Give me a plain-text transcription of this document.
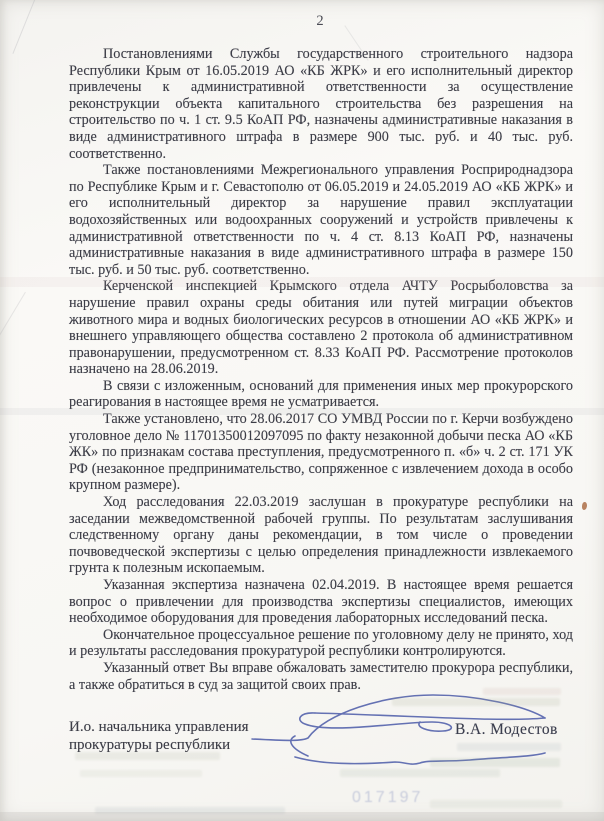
2

Постановлениями Службы государственного строительного надзора Республики Крым от 16.05.2019 АО «КБ ЖРК» и его исполнительный директор привлечены к административной ответственности за осуществление реконструкции объекта капитального строительства без разрешения на строительство по ч. 1 ст. 9.5 КоАП РФ, назначены административные наказания в виде административного штрафа в размере 900 тыс. руб. и 40 тыс. руб. соответственно.

Также постановлениями Межрегионального управления Росприроднадзора по Республике Крым и г. Севастополю от 06.05.2019 и 24.05.2019 АО «КБ ЖРК» и его исполнительный директор за нарушение правил эксплуатации водохозяйственных или водоохранных сооружений и устройств привлечены к административной ответственности по ч. 4 ст. 8.13 КоАП РФ, назначены административные наказания в виде административного штрафа в размере 150 тыс. руб. и 50 тыс. руб. соответственно.

Керченской инспекцией Крымского отдела АЧТУ Росрыболовства за нарушение правил охраны среды обитания или путей миграции объектов животного мира и водных биологических ресурсов в отношении АО «КБ ЖРК» и внешнего управляющего общества составлено 2 протокола об административном правонарушении, предусмотренном ст. 8.33 КоАП РФ. Рассмотрение протоколов назначено на 28.06.2019.

В связи с изложенным, оснований для применения иных мер прокурорского реагирования в настоящее время не усматривается.

Также установлено, что 28.06.2017 СО УМВД России по г. Керчи возбуждено уголовное дело № 11701350012097095 по факту незаконной добычи песка АО «КБ ЖК» по признакам состава преступления, предусмотренного п. «б» ч. 2 ст. 171 УК РФ (незаконное предпринимательство, сопряженное с извлечением дохода в особо крупном размере).

Ход расследования 22.03.2019 заслушан в прокуратуре республики на заседании межведомственной рабочей группы. По результатам заслушивания следственному органу даны рекомендации, в том числе о проведении почвоведческой экспертизы с целью определения принадлежности извлекаемого грунта к полезным ископаемым.

Указанная экспертиза назначена 02.04.2019. В настоящее время решается вопрос о привлечении для производства экспертизы специалистов, имеющих необходимое оборудования для проведения лабораторных исследований песка.

Окончательное процессуальное решение по уголовному делу не принято, ход и результаты расследования прокуратурой республики контролируются.

Указанный ответ Вы вправе обжаловать заместителю прокурора республики, а также обратиться в суд за защитой своих прав.

И.о. начальника управления
прокуратуры республики
В.А. Модестов
017197
